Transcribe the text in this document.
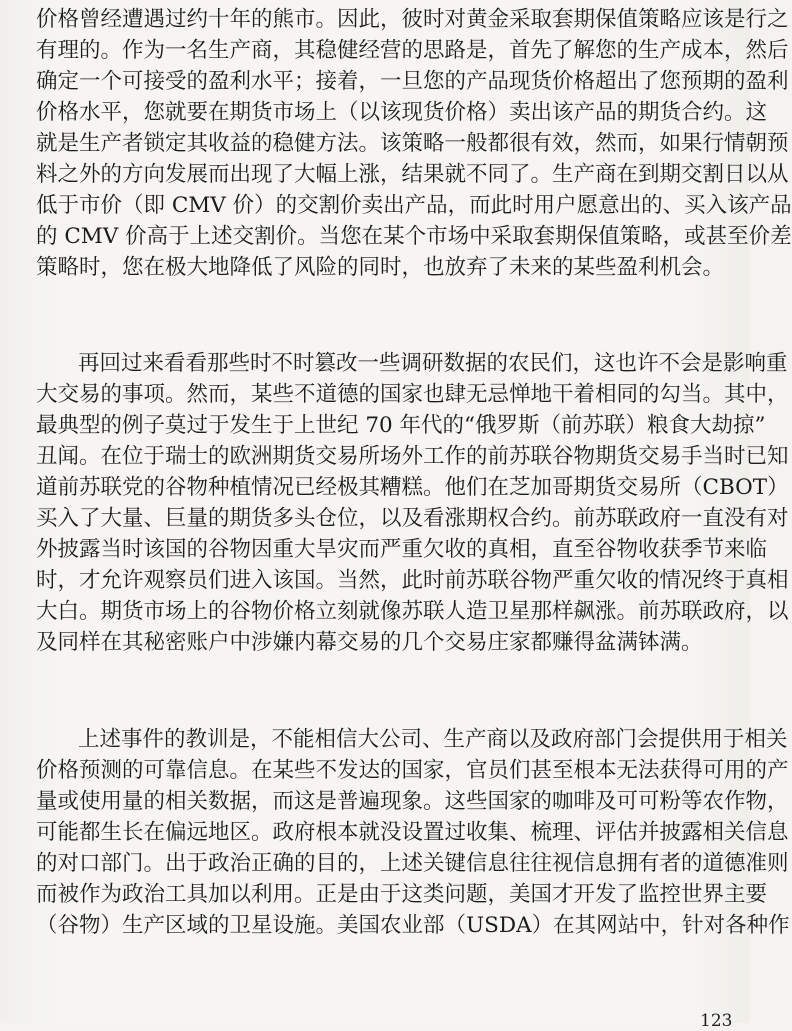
价格曾经遭遇过约十年的熊市。因此，彼时对黄金采取套期保值策略应该是行之
有理的。作为一名生产商，其稳健经营的思路是，首先了解您的生产成本，然后
确定一个可接受的盈利水平；接着，一旦您的产品现货价格超出了您预期的盈利
价格水平，您就要在期货市场上（以该现货价格）卖出该产品的期货合约。这
就是生产者锁定其收益的稳健方法。该策略一般都很有效，然而，如果行情朝预
料之外的方向发展而出现了大幅上涨，结果就不同了。生产商在到期交割日以从
低于市价（即 CMV 价）的交割价卖出产品，而此时用户愿意出的、买入该产品
的 CMV 价高于上述交割价。当您在某个市场中采取套期保值策略，或甚至价差
策略时，您在极大地降低了风险的同时，也放弃了未来的某些盈利机会。
再回过来看看那些时不时篡改一些调研数据的农民们，这也许不会是影响重
大交易的事项。然而，某些不道德的国家也肆无忌惮地干着相同的勾当。其中，
最典型的例子莫过于发生于上世纪 70 年代的“俄罗斯（前苏联）粮食大劫掠”
丑闻。在位于瑞士的欧洲期货交易所场外工作的前苏联谷物期货交易手当时已知
道前苏联党的谷物种植情况已经极其糟糕。他们在芝加哥期货交易所（CBOT）
买入了大量、巨量的期货多头仓位，以及看涨期权合约。前苏联政府一直没有对
外披露当时该国的谷物因重大旱灾而严重欠收的真相，直至谷物收获季节来临
时，才允许观察员们进入该国。当然，此时前苏联谷物严重欠收的情况终于真相
大白。期货市场上的谷物价格立刻就像苏联人造卫星那样飙涨。前苏联政府，以
及同样在其秘密账户中涉嫌内幕交易的几个交易庄家都赚得盆满钵满。
上述事件的教训是，不能相信大公司、生产商以及政府部门会提供用于相关
价格预测的可靠信息。在某些不发达的国家，官员们甚至根本无法获得可用的产
量或使用量的相关数据，而这是普遍现象。这些国家的咖啡及可可粉等农作物，
可能都生长在偏远地区。政府根本就没设置过收集、梳理、评估并披露相关信息
的对口部门。出于政治正确的目的，上述关键信息往往视信息拥有者的道德准则
而被作为政治工具加以利用。正是由于这类问题，美国才开发了监控世界主要
（谷物）生产区域的卫星设施。美国农业部（USDA）在其网站中，针对各种作
123
